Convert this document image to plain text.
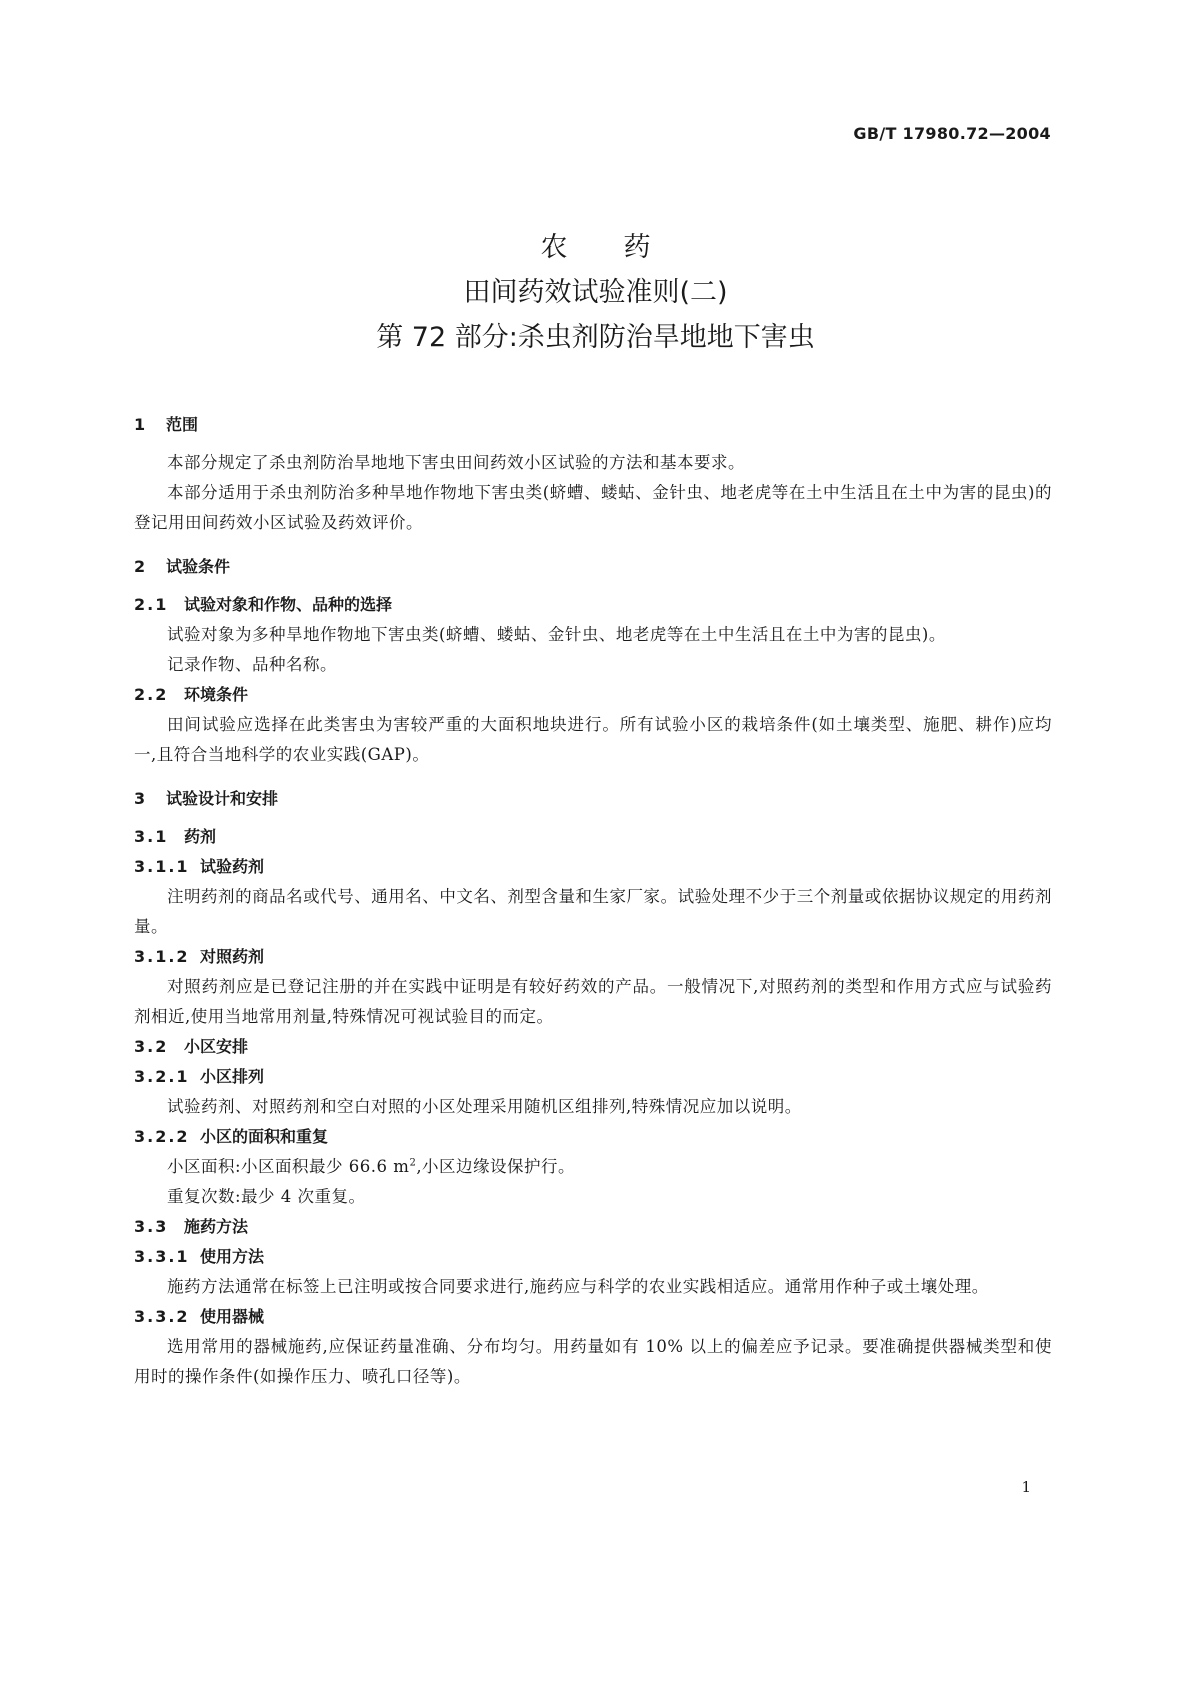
GB/T 17980.72—2004
农药
田间药效试验准则(二)
第 72 部分:杀虫剂防治旱地地下害虫
1	范围
本部分规定了杀虫剂防治旱地地下害虫田间药效小区试验的方法和基本要求。
本部分适用于杀虫剂防治多种旱地作物地下害虫类(蛴螬、蝼蛄、金针虫、地老虎等在土中生活且在土中为害的昆虫)的登记用田间药效小区试验及药效评价。
2	试验条件
2.1 试验对象和作物、品种的选择
试验对象为多种旱地作物地下害虫类(蛴螬、蝼蛄、金针虫、地老虎等在土中生活且在土中为害的昆虫)。
记录作物、品种名称。
2.2 环境条件
田间试验应选择在此类害虫为害较严重的大面积地块进行。所有试验小区的栽培条件(如土壤类型、施肥、耕作)应均一,且符合当地科学的农业实践(GAP)。
3	试验设计和安排
3.1 药剂
3.1.1 试验药剂
注明药剂的商品名或代号、通用名、中文名、剂型含量和生家厂家。试验处理不少于三个剂量或依据协议规定的用药剂量。
3.1.2 对照药剂
对照药剂应是已登记注册的并在实践中证明是有较好药效的产品。一般情况下,对照药剂的类型和作用方式应与试验药剂相近,使用当地常用剂量,特殊情况可视试验目的而定。
3.2 小区安排
3.2.1 小区排列
试验药剂、对照药剂和空白对照的小区处理采用随机区组排列,特殊情况应加以说明。
3.2.2 小区的面积和重复
小区面积:小区面积最少 66.6 $m^2$,小区边缘设保护行。
重复次数:最少 4 次重复。
3.3 施药方法
3.3.1 使用方法
施药方法通常在标签上已注明或按合同要求进行,施药应与科学的农业实践相适应。通常用作种子或土壤处理。
3.3.2 使用器械
选用常用的器械施药,应保证药量准确、分布均匀。用药量如有 10% 以上的偏差应予记录。要准确提供器械类型和使用时的操作条件(如操作压力、喷孔口径等)。
1
